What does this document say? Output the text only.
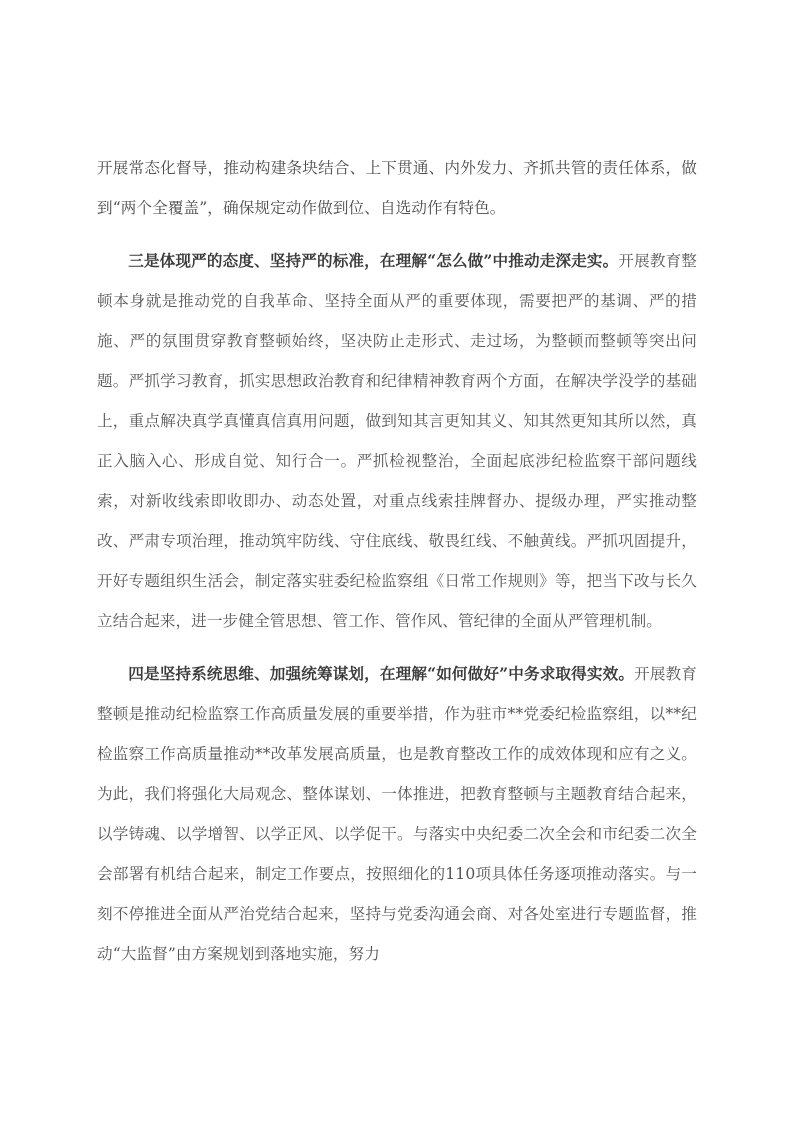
开展常态化督导，推动构建条块结合、上下贯通、内外发力、齐抓共管的责任体系，做到“两个全覆盖”，确保规定动作做到位、自选动作有特色。

三是体现严的态度、坚持严的标准，在理解“怎么做”中推动走深走实。开展教育整顿本身就是推动党的自我革命、坚持全面从严的重要体现，需要把严的基调、严的措施、严的氛围贯穿教育整顿始终，坚决防止走形式、走过场，为整顿而整顿等突出问题。严抓学习教育，抓实思想政治教育和纪律精神教育两个方面，在解决学没学的基础上，重点解决真学真懂真信真用问题，做到知其言更知其义、知其然更知其所以然，真正入脑入心、形成自觉、知行合一。严抓检视整治，全面起底涉纪检监察干部问题线索，对新收线索即收即办、动态处置，对重点线索挂牌督办、提级办理，严实推动整改、严肃专项治理，推动筑牢防线、守住底线、敬畏红线、不触黄线。严抓巩固提升，开好专题组织生活会，制定落实驻委纪检监察组《日常工作规则》等，把当下改与长久立结合起来，进一步健全管思想、管工作、管作风、管纪律的全面从严管理机制。

四是坚持系统思维、加强统筹谋划，在理解“如何做好”中务求取得实效。开展教育整顿是推动纪检监察工作高质量发展的重要举措，作为驻市**党委纪检监察组，以**纪检监察工作高质量推动**改革发展高质量，也是教育整改工作的成效体现和应有之义。为此，我们将强化大局观念、整体谋划、一体推进，把教育整顿与主题教育结合起来，以学铸魂、以学增智、以学正风、以学促干。与落实中央纪委二次全会和市纪委二次全会部署有机结合起来，制定工作要点，按照细化的110项具体任务逐项推动落实。与一刻不停推进全面从严治党结合起来，坚持与党委沟通会商、对各处室进行专题监督，推动“大监督”由方案规划到落地实施，努力
